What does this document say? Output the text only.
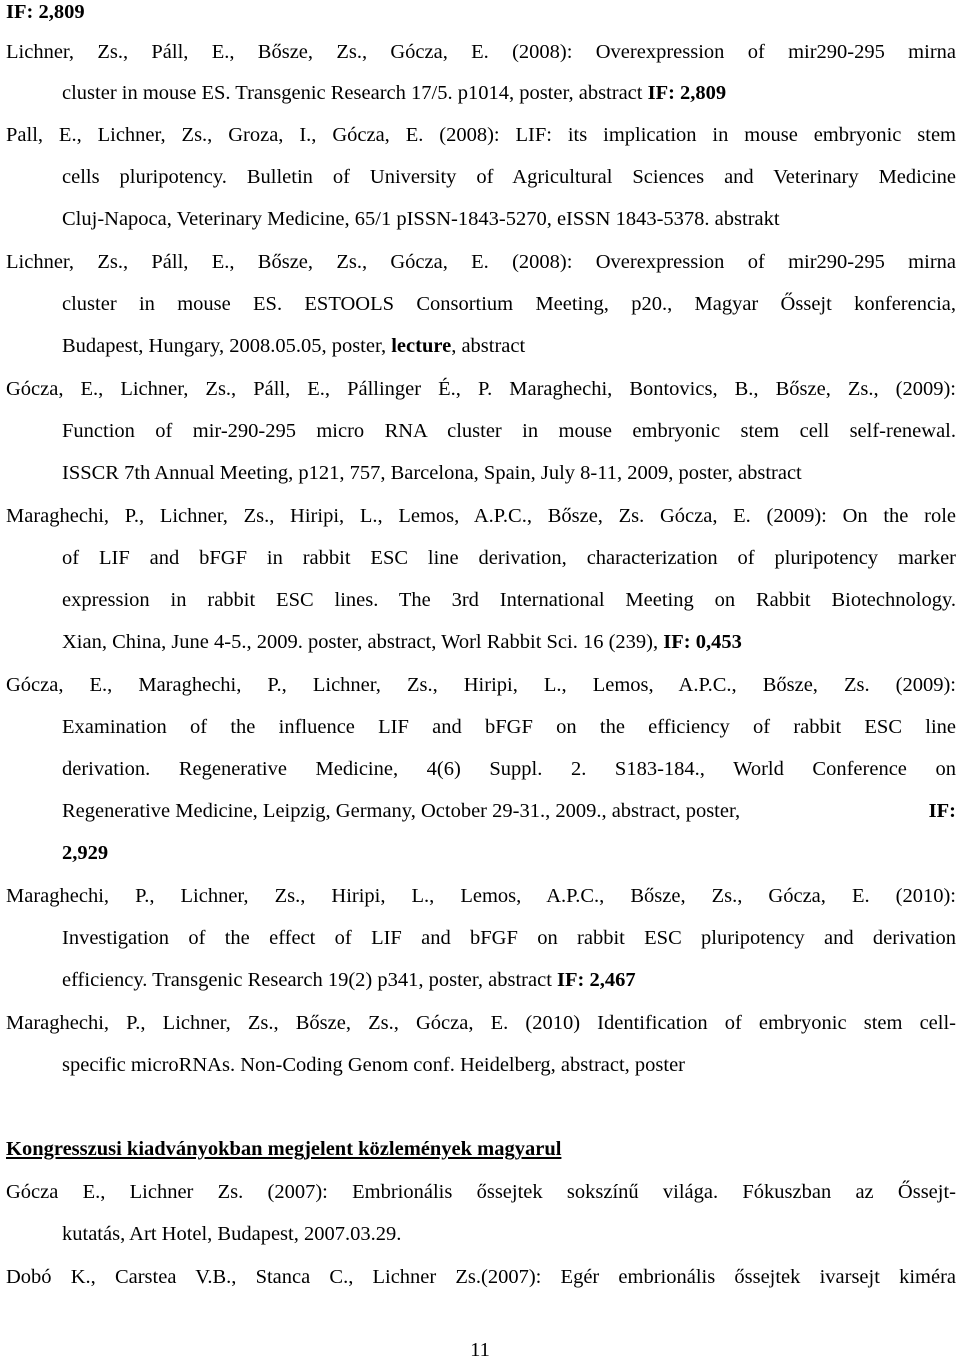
IF: 2,809
Lichner, Zs., Páll, E., Bősze, Zs., Gócza, E. (2008): Overexpression of mir290-295 mirna
cluster in mouse ES. Transgenic Research 17/5. p1014, poster, abstract IF: 2,809
Pall, E., Lichner, Zs., Groza, I., Gócza, E. (2008): LIF: its implication in mouse embryonic stem
cells pluripotency. Bulletin of University of Agricultural Sciences and Veterinary Medicine
Cluj-Napoca, Veterinary Medicine, 65/1 pISSN-1843-5270, eISSN 1843-5378. abstrakt
Lichner, Zs., Páll, E., Bősze, Zs., Gócza, E. (2008): Overexpression of mir290-295 mirna
cluster in mouse ES. ESTOOLS Consortium Meeting, p20., Magyar Őssejt konferencia,
Budapest, Hungary, 2008.05.05, poster, lecture, abstract
Gócza, E., Lichner, Zs., Páll, E., Pállinger É., P. Maraghechi, Bontovics, B., Bősze, Zs., (2009):
Function of mir-290-295 micro RNA cluster in mouse embryonic stem cell self-renewal.
ISSCR 7th Annual Meeting, p121, 757, Barcelona, Spain, July 8-11, 2009, poster, abstract
Maraghechi, P., Lichner, Zs., Hiripi, L., Lemos, A.P.C., Bősze, Zs. Gócza, E. (2009): On the role
of LIF and bFGF in rabbit ESC line derivation, characterization of pluripotency marker
expression in rabbit ESC lines. The 3rd International Meeting on Rabbit Biotechnology.
Xian, China, June 4-5., 2009. poster, abstract, Worl Rabbit Sci. 16 (239), IF: 0,453
Gócza, E., Maraghechi, P., Lichner, Zs., Hiripi, L., Lemos, A.P.C., Bősze, Zs. (2009):
Examination of the influence LIF and bFGF on the efficiency of rabbit ESC line
derivation. Regenerative Medicine, 4(6) Suppl. 2. S183-184., World Conference on
Regenerative Medicine, Leipzig, Germany, October 29-31., 2009., abstract, poster,	IF:
2,929
Maraghechi, P., Lichner, Zs., Hiripi, L., Lemos, A.P.C., Bősze, Zs., Gócza, E. (2010):
Investigation of the effect of LIF and bFGF on rabbit ESC pluripotency and derivation
efficiency. Transgenic Research 19(2) p341, poster, abstract IF: 2,467
Maraghechi, P., Lichner, Zs., Bősze, Zs., Gócza, E. (2010) Identification of embryonic stem cell-
specific microRNAs. Non-Coding Genom conf. Heidelberg, abstract, poster
Kongresszusi kiadványokban megjelent közlemények magyarul
Gócza E., Lichner Zs. (2007): Embrionális őssejtek sokszínű világa. Fókuszban az Őssejt-
kutatás, Art Hotel, Budapest, 2007.03.29.
Dobó K., Carstea V.B., Stanca C., Lichner Zs.(2007): Egér embrionális őssejtek ivarsejt kiméra
11
